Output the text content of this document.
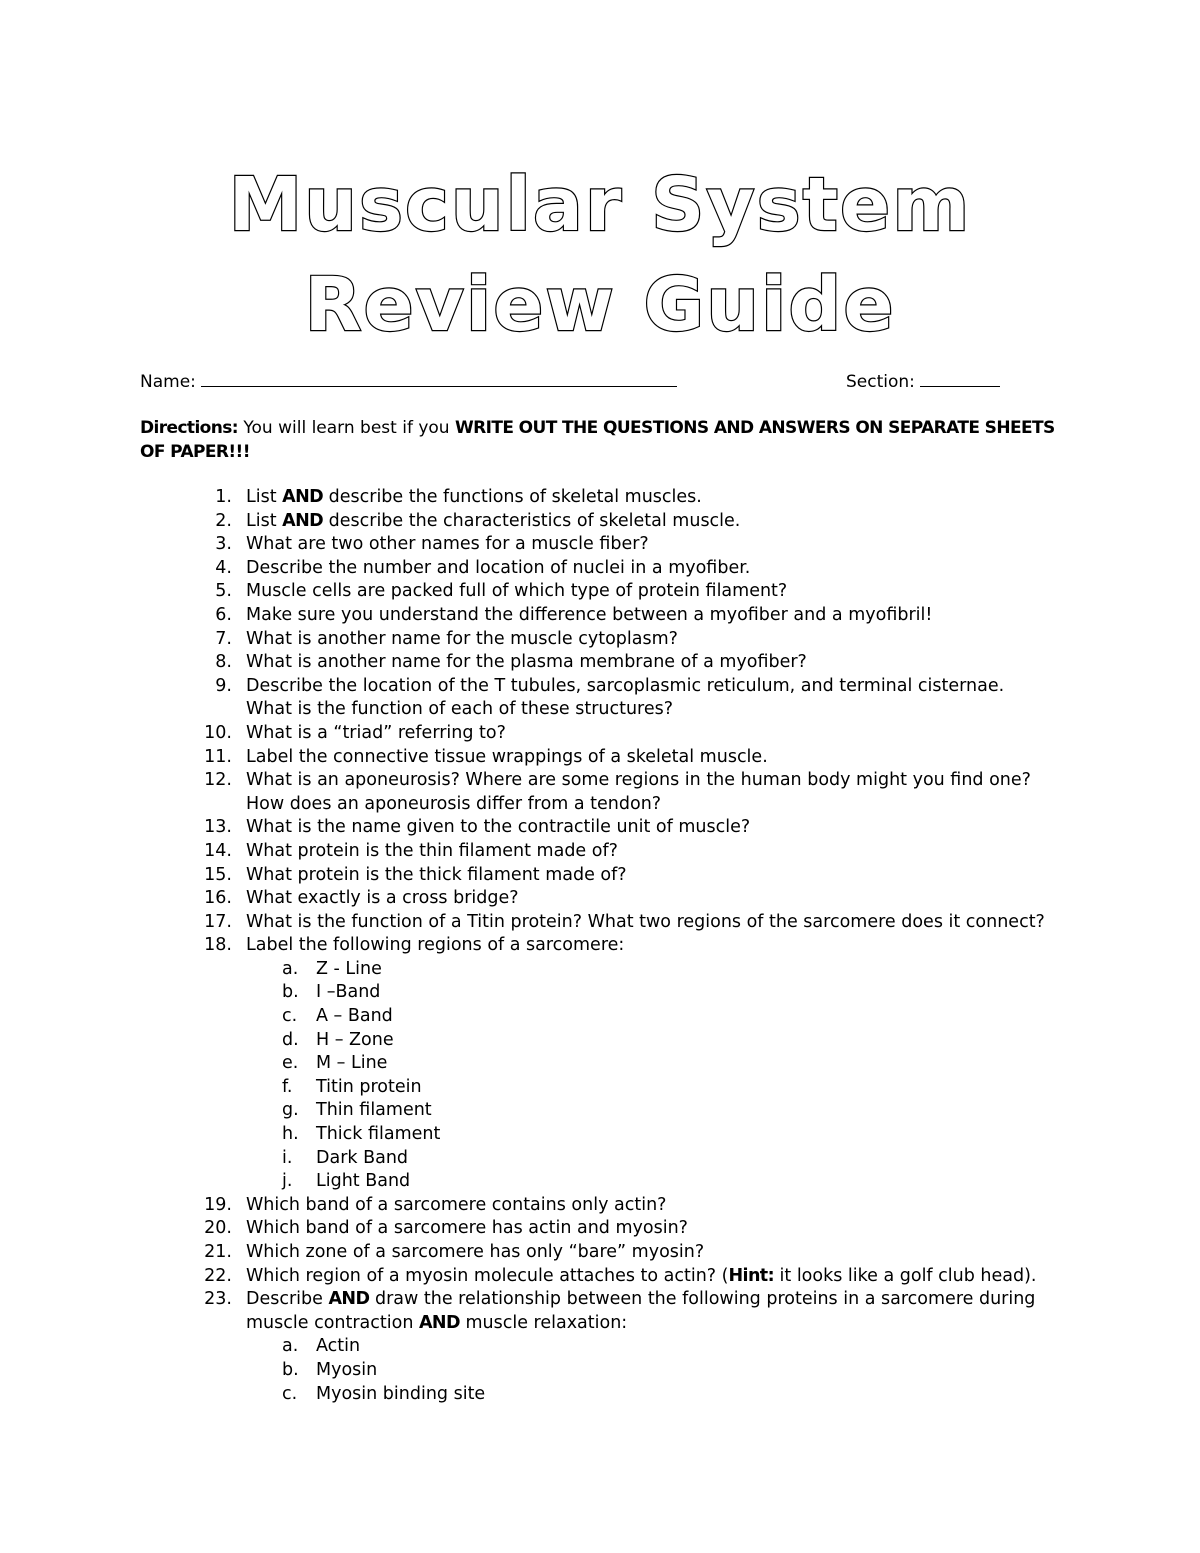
Muscular System
Review Guide
Name:	Section:
Directions: You will learn best if you WRITE OUT THE QUESTIONS AND ANSWERS ON SEPARATE SHEETS OF PAPER!!!
1. List AND describe the functions of skeletal muscles.
2. List AND describe the characteristics of skeletal muscle.
3. What are two other names for a muscle fiber?
4. Describe the number and location of nuclei in a myofiber.
5. Muscle cells are packed full of which type of protein filament?
6. Make sure you understand the difference between a myofiber and a myofibril!
7. What is another name for the muscle cytoplasm?
8. What is another name for the plasma membrane of a myofiber?
9. Describe the location of the T tubules, sarcoplasmic reticulum, and terminal cisternae. What is the function of each of these structures?
10. What is a “triad” referring to?
11. Label the connective tissue wrappings of a skeletal muscle.
12. What is an aponeurosis? Where are some regions in the human body might you find one? How does an aponeurosis differ from a tendon?
13. What is the name given to the contractile unit of muscle?
14. What protein is the thin filament made of?
15. What protein is the thick filament made of?
16. What exactly is a cross bridge?
17. What is the function of a Titin protein? What two regions of the sarcomere does it connect?
18. Label the following regions of a sarcomere:
a. Z - Line
b. I –Band
c. A – Band
d. H – Zone
e. M – Line
f. Titin protein
g. Thin filament
h. Thick filament
i. Dark Band
j. Light Band
19. Which band of a sarcomere contains only actin?
20. Which band of a sarcomere has actin and myosin?
21. Which zone of a sarcomere has only “bare” myosin?
22. Which region of a myosin molecule attaches to actin? (Hint: it looks like a golf club head).
23. Describe AND draw the relationship between the following proteins in a sarcomere during muscle contraction AND muscle relaxation:
a. Actin
b. Myosin
c. Myosin binding site
